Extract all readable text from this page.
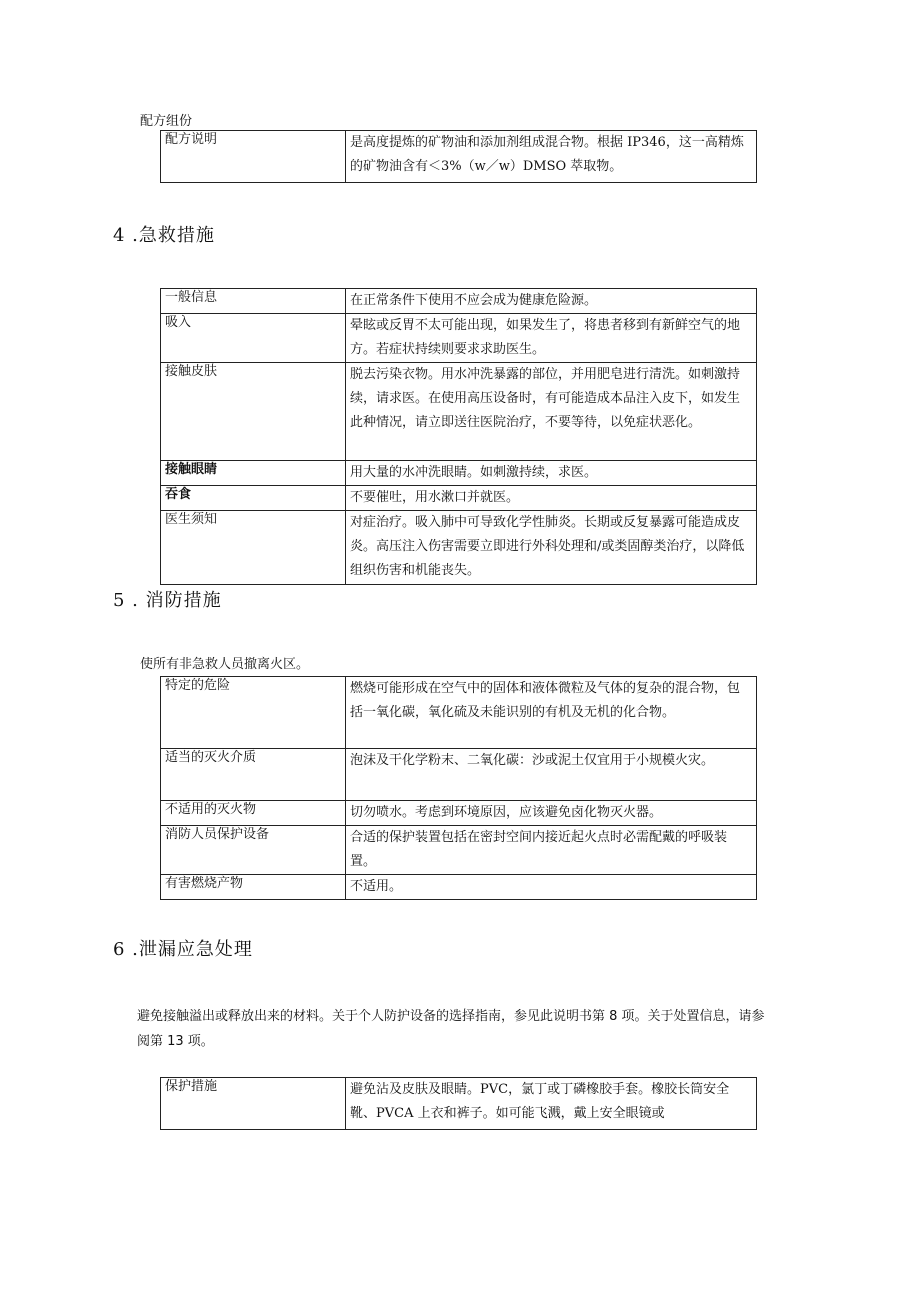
配方组份
配方说明	是高度提炼的矿物油和添加剂组成混合物。根据 IP346，这一高精炼的矿物油含有＜3%（w／w）DMSO 萃取物。
4 .急救措施
一般信息	在正常条件下使用不应会成为健康危险源。
吸入	晕眩或反胃不太可能出现，如果发生了，将患者移到有新鲜空气的地方。若症状持续则要求求助医生。
接触皮肤	脱去污染衣物。用水冲洗暴露的部位，并用肥皂进行清洗。如刺激持续，请求医。在使用高压设备时，有可能造成本品注入皮下，如发生此种情况，请立即送往医院治疗，不要等待，以免症状恶化。
接触眼睛	用大量的水冲洗眼睛。如刺激持续，求医。
吞食	不要催吐，用水漱口并就医。
医生须知	对症治疗。吸入肺中可导致化学性肺炎。长期或反复暴露可能造成皮炎。高压注入伤害需要立即进行外科处理和/或类固醇类治疗，以降低组织伤害和机能丧失。
5 . 消防措施
使所有非急救人员撤离火区。
特定的危险	燃烧可能形成在空气中的固体和液体微粒及气体的复杂的混合物，包括一氧化碳，氧化硫及未能识别的有机及无机的化合物。
适当的灭火介质	泡沫及干化学粉末、二氧化碳：沙或泥土仅宜用于小规模火灾。
不适用的灭火物	切勿喷水。考虑到环境原因，应该避免卤化物灭火器。
消防人员保护设备	合适的保护装置包括在密封空间内接近起火点时必需配戴的呼吸装置。
有害燃烧产物	不适用。
6 .泄漏应急处理
避免接触溢出或释放出来的材料。关于个人防护设备的选择指南，参见此说明书第 8 项。关于处置信息，请参阅第 13 项。
保护措施	避免沾及皮肤及眼睛。PVC，氯丁或丁磷橡胶手套。橡胶长筒安全靴、PVCA 上衣和裤子。如可能飞溅，戴上安全眼镜或
